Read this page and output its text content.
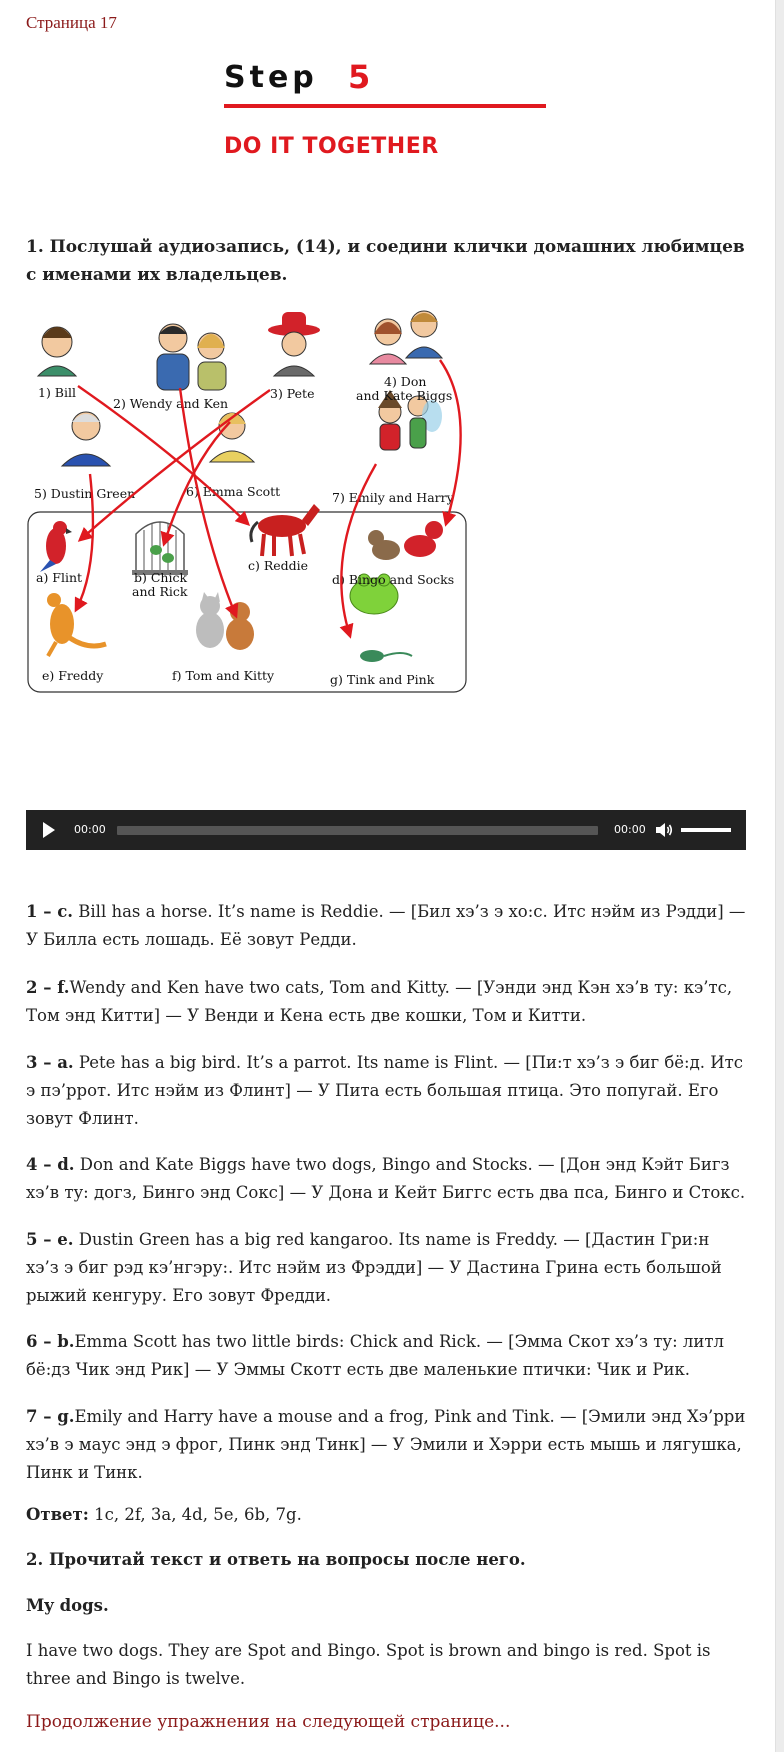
Страница 17
Step 5
DO IT TOGETHER
1. Послушай аудиозапись, (14), и соедини клички домашних любимцев с именами их владельцев.
1) Bill
2) Wendy and Ken
3) Pete
4) Don
and Kate Biggs
5) Dustin Green	6) Emma Scott	7) Emily and Harry
a) Flint	b) Chick
and Rick
c) Reddie
d) Bingo and Socks
e) Freddy	f) Tom and Kitty	g) Tink and Pink
00:00	00:00
1 – c. Bill has a horse. It’s name is Reddie. — [Бил хэ’з э хо:с. Итс нэйм из Рэдди] — У Билла есть лошадь. Её зовут Редди.
2 – f.Wendy and Ken have two cats, Tom and Kitty. — [Уэнди энд Кэн хэ’в ту: кэ’тс, Том энд Китти] — У Венди и Кена есть две кошки, Том и Китти.
3 – a. Pete has a big bird. It’s a parrot. Its name is Flint. — [Пи:т хэ’з э биг бё:д. Итс э пэ’ррот. Итс нэйм из Флинт] — У Пита есть большая птица. Это попугай. Его зовут Флинт.
4 – d. Don and Kate Biggs have two dogs, Bingo and Stocks. — [Дон энд Кэйт Бигз хэ’в ту: догз, Бинго энд Сокс] — У Дона и Кейт Биггс есть два пса, Бинго и Стокс.
5 – e. Dustin Green has a big red kangaroo. Its name is Freddy. — [Дастин Гри:н хэ’з э биг рэд кэ’нгэру:. Итс нэйм из Фрэдди] — У Дастина Грина есть большой рыжий кенгуру. Его зовут Фредди.
6 – b.Emma Scott has two little birds: Chick and Rick. — [Эмма Скот хэ’з ту: литл бё:дз Чик энд Рик] — У Эммы Скотт есть две маленькие птички: Чик и Рик.
7 – g.Emily and Harry have a mouse and a frog, Pink and Tink. — [Эмили энд Хэ’рри хэ’в э маус энд э фрог, Пинк энд Тинк] — У Эмили и Хэрри есть мышь и лягушка, Пинк и Тинк.
Ответ: 1c, 2f, 3a, 4d, 5e, 6b, 7g.
2. Прочитай текст и ответь на вопросы после него.
My dogs.
I have two dogs. They are Spot and Bingo. Spot is brown and bingo is red. Spot is three and Bingo is twelve.
Продолжение упражнения на следующей странице...
